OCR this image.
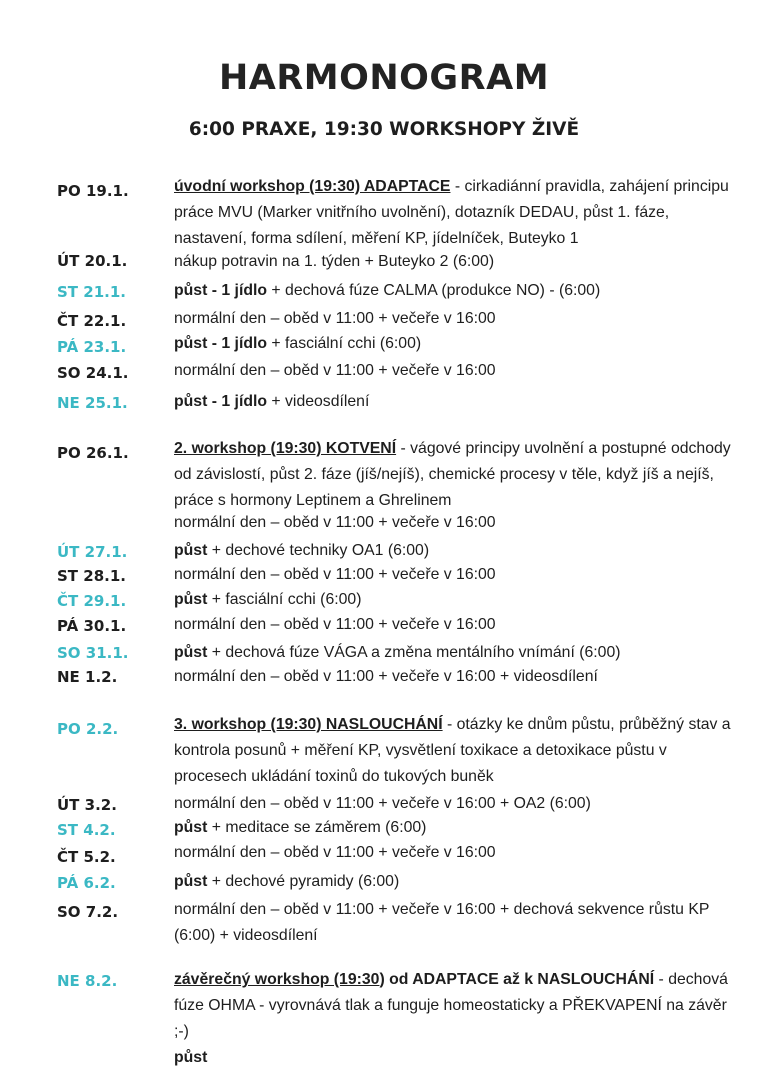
HARMONOGRAM
6:00 PRAXE, 19:30 WORKSHOPY ŽIVĚ
PO 19.1.	úvodní workshop (19:30) ADAPTACE - cirkadiánní pravidla, zahájení principu práce MVU (Marker vnitřního uvolnění), dotazník DEDAU, půst 1. fáze, nastavení, forma sdílení, měření KP, jídelníček, Buteyko 1
ÚT 20.1.	nákup potravin na 1. týden + Buteyko 2 (6:00)
ST 21.1.	půst - 1 jídlo + dechová fúze CALMA (produkce NO) - (6:00)
ČT 22.1.	normální den – oběd v 11:00 + večeře v 16:00
PÁ 23.1.	půst - 1 jídlo + fasciální cchi (6:00)
SO 24.1.	normální den – oběd v 11:00 + večeře v 16:00
NE 25.1.	půst - 1 jídlo + videosdílení
PO 26.1.	2. workshop (19:30) KOTVENÍ - vágové principy uvolnění a postupné odchody od závislostí, půst 2. fáze (jíš/nejíš), chemické procesy v těle, když jíš a nejíš, práce s hormony Leptinem a Ghrelinem
normální den – oběd v 11:00 + večeře v 16:00
ÚT 27.1.	půst + dechové techniky OA1 (6:00)
ST 28.1.	normální den – oběd v 11:00 + večeře v 16:00
ČT 29.1.	půst + fasciální cchi (6:00)
PÁ 30.1.	normální den – oběd v 11:00 + večeře v 16:00
SO 31.1.	půst + dechová fúze VÁGA a změna mentálního vnímání (6:00)
NE 1.2.	normální den – oběd v 11:00 + večeře v 16:00 + videosdílení
PO 2.2.	3. workshop (19:30) NASLOUCHÁNÍ - otázky ke dnům půstu, průběžný stav a kontrola posunů + měření KP, vysvětlení toxikace a detoxikace půstu v procesech ukládání toxinů do tukových buněk
ÚT 3.2.	normální den – oběd v 11:00 + večeře v 16:00 + OA2 (6:00)
ST 4.2.	půst + meditace se záměrem (6:00)
ČT 5.2.	normální den – oběd v 11:00 + večeře v 16:00
PÁ 6.2.	půst + dechové pyramidy (6:00)
SO 7.2.	normální den – oběd v 11:00 + večeře v 16:00 + dechová sekvence růstu KP (6:00) + videosdílení
NE 8.2.	závěrečný workshop (19:30) od ADAPTACE až k NASLOUCHÁNÍ - dechová fúze OHMA - vyrovnává tlak a funguje homeostaticky a PŘEKVAPENÍ na závěr ;-)
půst
